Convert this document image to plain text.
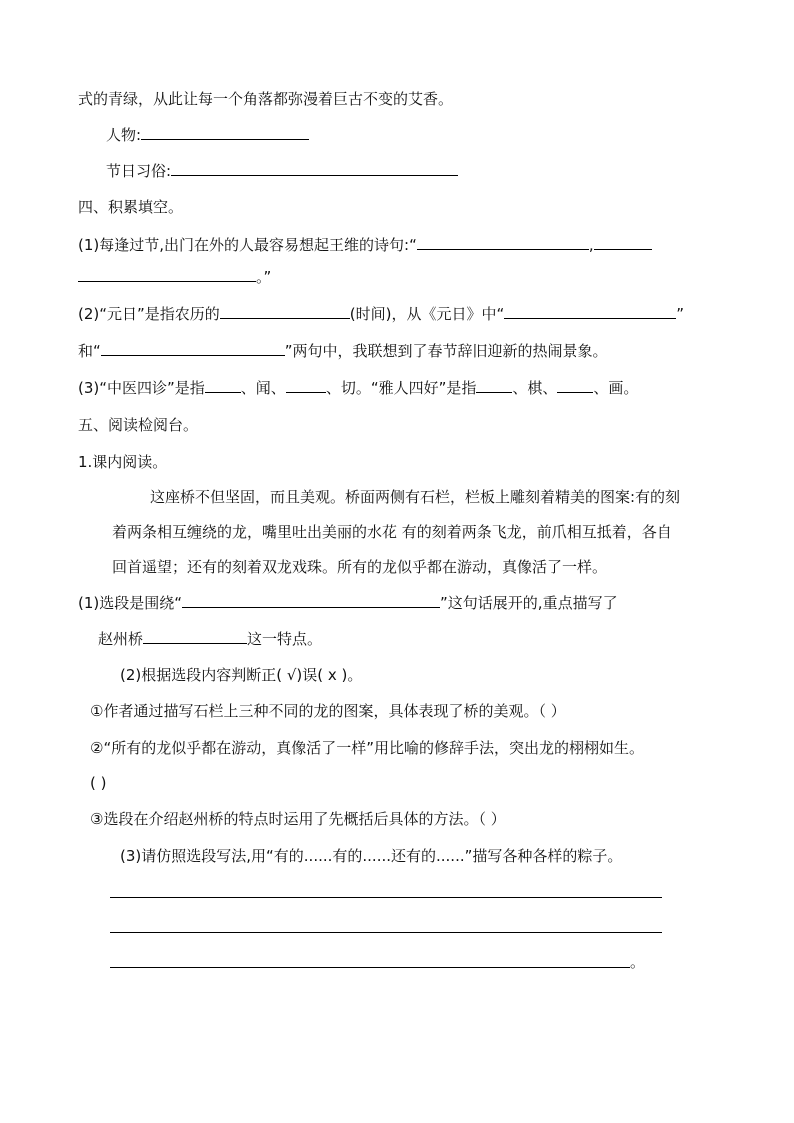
式的青绿，从此让每一个角落都弥漫着巨古不变的艾香。
人物:
节日习俗:
四、积累填空。
(1)每逢过节,出门在外的人最容易想起王维的诗句:“	,
。”
(2)“元日”是指农历的	(时间)，从《元日》中“	”
和“	”两句中，我联想到了春节辞旧迎新的热闹景象。
(3)“中医四诊”是指 、闻、	、切。“雅人四好”是指 、棋、 、画。
五、阅读检阅台。
1.课内阅读。
这座桥不但坚固，而且美观。桥面两侧有石栏，栏板上雕刻着精美的图案:有的刻
着两条相互缠绕的龙，嘴里吐出美丽的水花 有的刻着两条飞龙，前爪相互抵着，各自
回首遥望；还有的刻着双龙戏珠。所有的龙似乎都在游动，真像活了一样。
(1)选段是围绕“	”这句话展开的,重点描写了
赵州桥	这一特点。
(2)根据选段内容判断正( √)误( x )。
①作者通过描写石栏上三种不同的龙的图案，具体表现了桥的美观。（ ）
②“所有的龙似乎都在游动，真像活了一样”用比喻的修辞手法，突出龙的栩栩如生。
( )
③选段在介绍赵州桥的特点时运用了先概括后具体的方法。（ ）
(3)请仿照选段写法,用“有的......有的......还有的......”描写各种各样的粽子。
。
